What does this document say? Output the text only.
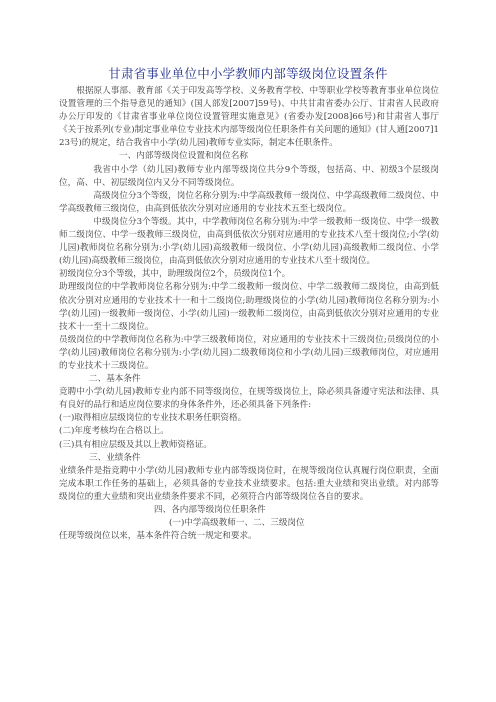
甘肃省事业单位中小学教师内部等级岗位设置条件

根据原人事部、教育部《关于印发高等学校、义务教育学校、中等职业学校等教育事业单位岗位设置管理的三个指导意见的通知》(国人部发[2007]59号)、中共甘肃省委办公厅、甘肃省人民政府办公厅印发的《甘肃省事业单位岗位设置管理实施意见》(省委办发[2008]66号)和甘肃省人事厅《关于按系列(专业)制定事业单位专业技术内部等级岗位任职条件有关问题的通知》(甘人通[2007]123号)的规定，结合我省中小学(幼儿园)教师专业实际，制定本任职条件。

一、内部等级岗位设置和岗位名称

我省中小学（幼儿园)教师专业内部等级岗位共分9个等级，包括高、中、初级3个层级岗位，高、中、初层级岗位内又分不同等级岗位。

高级岗位分3个等级，岗位名称分别为:中学高级教师一级岗位、中学高级教师二级岗位、中学高级教师三级岗位，由高到低依次分别对应通用的专业技术五至七级岗位。

中级岗位分3个等级。其中，中学教师岗位名称分别为:中学一级教师一级岗位、中学一级教师二级岗位、中学一级教师三级岗位，由高到低依次分别对应通用的专业技术八至十级岗位;小学(幼儿园)教师岗位名称分别为:小学(幼儿园)高级教师一级岗位、小学(幼儿园)高级教师二级岗位、小学(幼儿园)高级教师三级岗位，由高到低依次分别对应通用的专业技术八至十级岗位。

初级岗位分3个等级，其中，助理级岗位2个，员级岗位1个。

助理级岗位的中学教师岗位名称分别为:中学二级教师一级岗位、中学二级教师二级岗位，由高到低依次分别对应通用的专业技术十一和十二级岗位;助理级岗位的小学(幼儿园)教师岗位名称分别为:小学(幼儿园)一级教师一级岗位、小学(幼儿园)一级教师二级岗位，由高到低依次分别对应通用的专业技术十一至十二级岗位。

员级岗位的中学教师岗位名称为:中学三级教师岗位，对应通用的专业技术十三级岗位;员级岗位的小学(幼儿园)教师岗位名称分别为:小学(幼儿园)二级教师岗位和小学(幼儿园)三级教师岗位，对应通用的专业技术十三级岗位。

二、基本条件

竞聘中小学(幼儿园)教师专业内部不同等级岗位，在规等级岗位上，除必须具备遵守宪法和法律、具有良好的品行和适应岗位要求的身体条件外，还必须具备下列条件:

(一)取得相应层级岗位的专业技术职务任职资格。

(二)年度考核均在合格以上。

(三)具有相应层级及其以上教师资格证。

三、业绩条件

业绩条件是指竞聘中小学(幼儿园)教师专业内部等级岗位时，在规等级岗位认真履行岗位职责，全面完成本职工作任务的基础上，必须具备的专业技术业绩要求。包括:重大业绩和突出业绩。对内部等级岗位的重大业绩和突出业绩条件要求不同，必须符合内部等级岗位各自的要求。

四、各内部等级岗位任职条件

(一)中学高级教师一、二、三级岗位

任现等级岗位以来，基本条件符合统一规定和要求。
